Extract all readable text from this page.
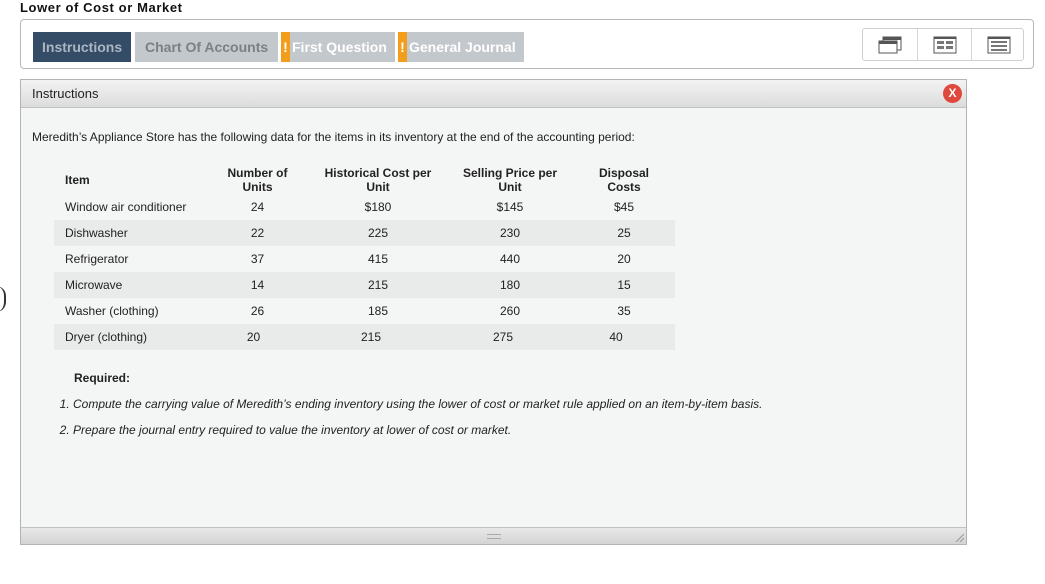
Lower of Cost or Market
Instructions	Chart Of Accounts	! First Question ! General Journal
Instructions	X
Meredith’s Appliance Store has the following data for the items in its inventory at the end of the accounting period:
Item	Number of Units	Historical Cost per Unit	Selling Price per Unit	Disposal Costs
Window air conditioner	24	$180	$145	$45
Dishwasher	22	225	230	25
Refrigerator	37	415	440	20
Microwave	14	215	180	15
Washer (clothing)	26	185	260	35
Dryer (clothing)	20	215	275	40
Required:
1. Compute the carrying value of Meredith’s ending inventory using the lower of cost or market rule applied on an item-by-item basis.
2. Prepare the journal entry required to value the inventory at lower of cost or market.
